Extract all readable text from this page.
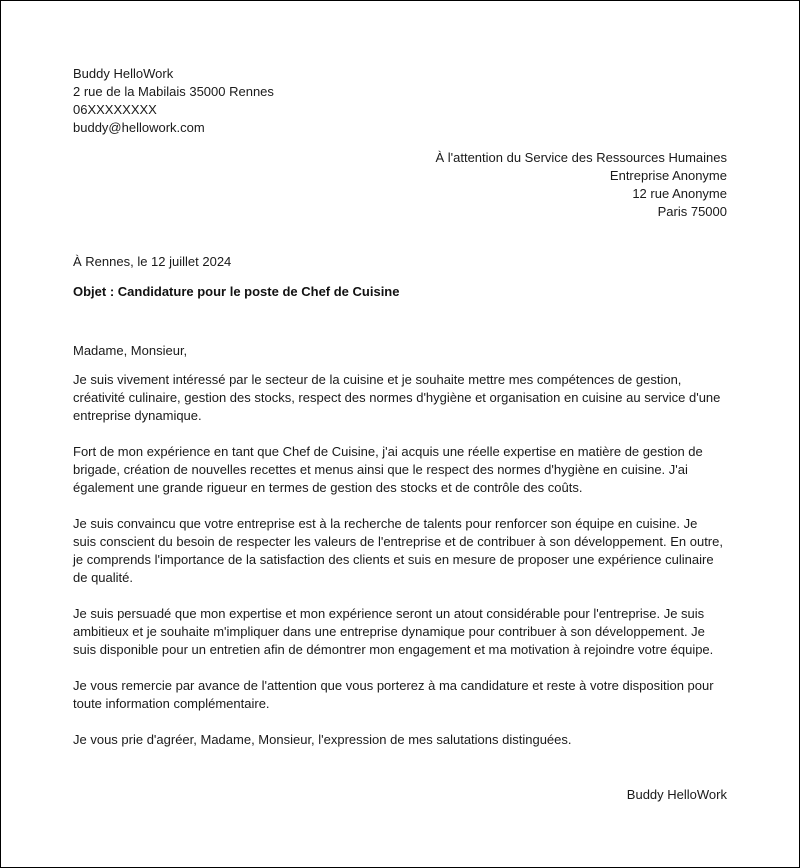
Buddy HelloWork
2 rue de la Mabilais 35000 Rennes
06XXXXXXXX
buddy@hellowork.com
À l'attention du Service des Ressources Humaines
Entreprise Anonyme
12 rue Anonyme
Paris 75000
À Rennes, le 12 juillet 2024
Objet : Candidature pour le poste de Chef de Cuisine

Madame, Monsieur,

Je suis vivement intéressé par le secteur de la cuisine et je souhaite mettre mes compétences de gestion, créativité culinaire, gestion des stocks, respect des normes d'hygiène et organisation en cuisine au service d'une entreprise dynamique.

Fort de mon expérience en tant que Chef de Cuisine, j'ai acquis une réelle expertise en matière de gestion de brigade, création de nouvelles recettes et menus ainsi que le respect des normes d'hygiène en cuisine. J'ai également une grande rigueur en termes de gestion des stocks et de contrôle des coûts.

Je suis convaincu que votre entreprise est à la recherche de talents pour renforcer son équipe en cuisine. Je suis conscient du besoin de respecter les valeurs de l'entreprise et de contribuer à son développement. En outre, je comprends l'importance de la satisfaction des clients et suis en mesure de proposer une expérience culinaire de qualité.

Je suis persuadé que mon expertise et mon expérience seront un atout considérable pour l'entreprise. Je suis ambitieux et je souhaite m'impliquer dans une entreprise dynamique pour contribuer à son développement. Je suis disponible pour un entretien afin de démontrer mon engagement et ma motivation à rejoindre votre équipe.

Je vous remercie par avance de l'attention que vous porterez à ma candidature et reste à votre disposition pour toute information complémentaire.

Je vous prie d'agréer, Madame, Monsieur, l'expression de mes salutations distinguées.

Buddy HelloWork
